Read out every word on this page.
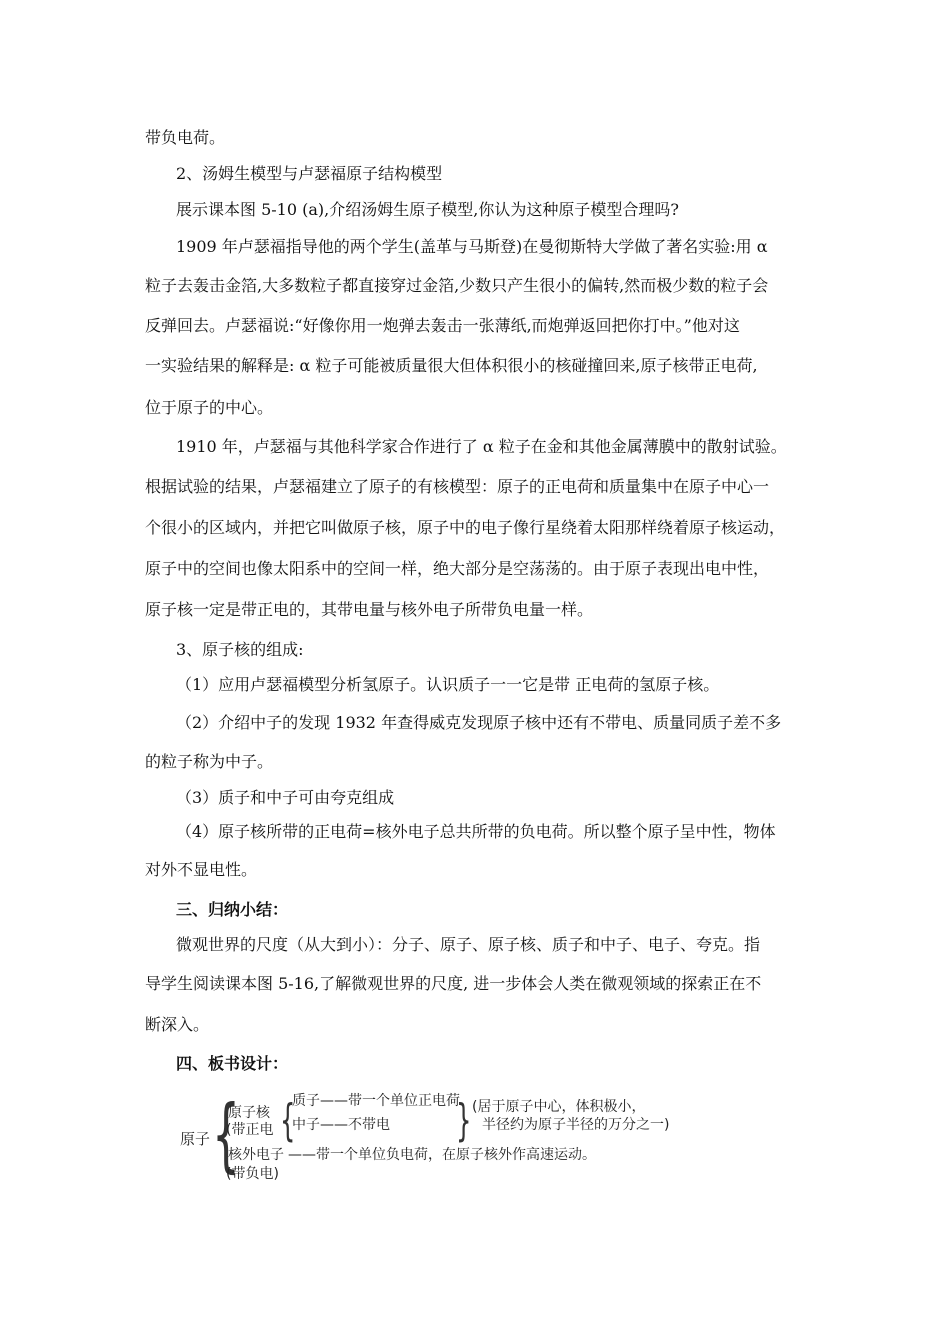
带负电荷。
2、汤姆生模型与卢瑟福原子结构模型
展示课本图 5-10 (a),介绍汤姆生原子模型,你认为这种原子模型合理吗?
1909 年卢瑟福指导他的两个学生(盖革与马斯登)在曼彻斯特大学做了著名实验:用 α
粒子去轰击金箔,大多数粒子都直接穿过金箔,少数只产生很小的偏转,然而极少数的粒子会
反弹回去。卢瑟福说:“好像你用一炮弹去轰击一张薄纸,而炮弹返回把你打中。”他对这
一实验结果的解释是: α 粒子可能被质量很大但体积很小的核碰撞回来,原子核带正电荷,
位于原子的中心。
1910 年，卢瑟福与其他科学家合作进行了 α 粒子在金和其他金属薄膜中的散射试验。
根据试验的结果，卢瑟福建立了原子的有核模型：原子的正电荷和质量集中在原子中心一
个很小的区域内，并把它叫做原子核，原子中的电子像行星绕着太阳那样绕着原子核运动，
原子中的空间也像太阳系中的空间一样，绝大部分是空荡荡的。由于原子表现出电中性，
原子核一定是带正电的，其带电量与核外电子所带负电量一样。
3、原子核的组成:
（1）应用卢瑟福模型分析氢原子。认识质子一一它是带 正电荷的氢原子核。
（2）介绍中子的发现 1932 年查得威克发现原子核中还有不带电、质量同质子差不多
的粒子称为中子。
（3）质子和中子可由夸克组成
（4）原子核所带的正电荷=核外电子总共所带的负电荷。所以整个原子呈中性，物体
对外不显电性。
三、归纳小结：
微观世界的尺度（从大到小）：分子、原子、原子核、质子和中子、电子、夸克。指
导学生阅读课本图 5-16,了解微观世界的尺度, 进一步体会人类在微观领域的探索正在不
断深入。
四、板书设计：
原子 {
原子核
(带正电 {
质子——带一个单位正电荷
中子——不带电 } (居于原子中心，体积极小，
半径约为原子半径的万分之一)
核外电子
(带负电)
——带一个单位负电荷，在原子核外作高速运动。
